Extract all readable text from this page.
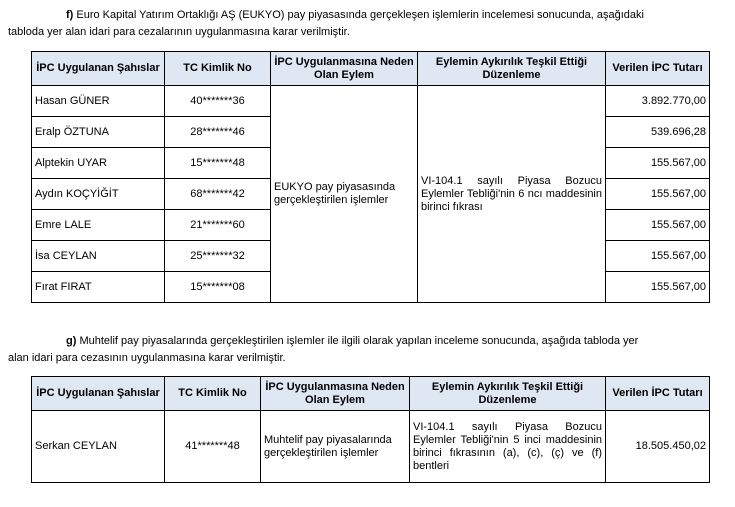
f) Euro Kapital Yatırım Ortaklığı AŞ (EUKYO) pay piyasasında gerçekleşen işlemlerin incelemesi sonucunda, aşağıdaki
tabloda yer alan idari para cezalarının uygulanmasına karar verilmiştir.
İPC Uygulanan Şahıslar	TC Kimlik No	İPC Uygulanmasına Neden Olan Eylem	Eylemin Aykırılık Teşkil Ettiği Düzenleme	Verilen İPC Tutarı
Hasan GÜNER	40*******36	EUKYO pay piyasasında gerçekleştirilen işlemler	VI-104.1 sayılı Piyasa Bozucu Eylemler Tebliği'nin 6 ncı maddesinin birinci fıkrası	3.892.770,00
Eralp ÖZTUNA	28*******46			539.696,28
Alptekin UYAR	15*******48			155.567,00
Aydın KOÇYİĞİT	68*******42			155.567,00
Emre LALE	21*******60			155.567,00
İsa CEYLAN	25*******32			155.567,00
Fırat FIRAT	15*******08			155.567,00
g) Muhtelif pay piyasalarında gerçekleştirilen işlemler ile ilgili olarak yapılan inceleme sonucunda, aşağıda tabloda yer
alan idari para cezasının uygulanmasına karar verilmiştir.
İPC Uygulanan Şahıslar	TC Kimlik No	İPC Uygulanmasına Neden Olan Eylem	Eylemin Aykırılık Teşkil Ettiği Düzenleme	Verilen İPC Tutarı
Serkan CEYLAN	41*******48	Muhtelif pay piyasalarında gerçekleştirilen işlemler	VI-104.1 sayılı Piyasa Bozucu Eylemler Tebliği'nin 5 inci maddesinin birinci fıkrasının (a), (c), (ç) ve (f) bentleri	18.505.450,02
